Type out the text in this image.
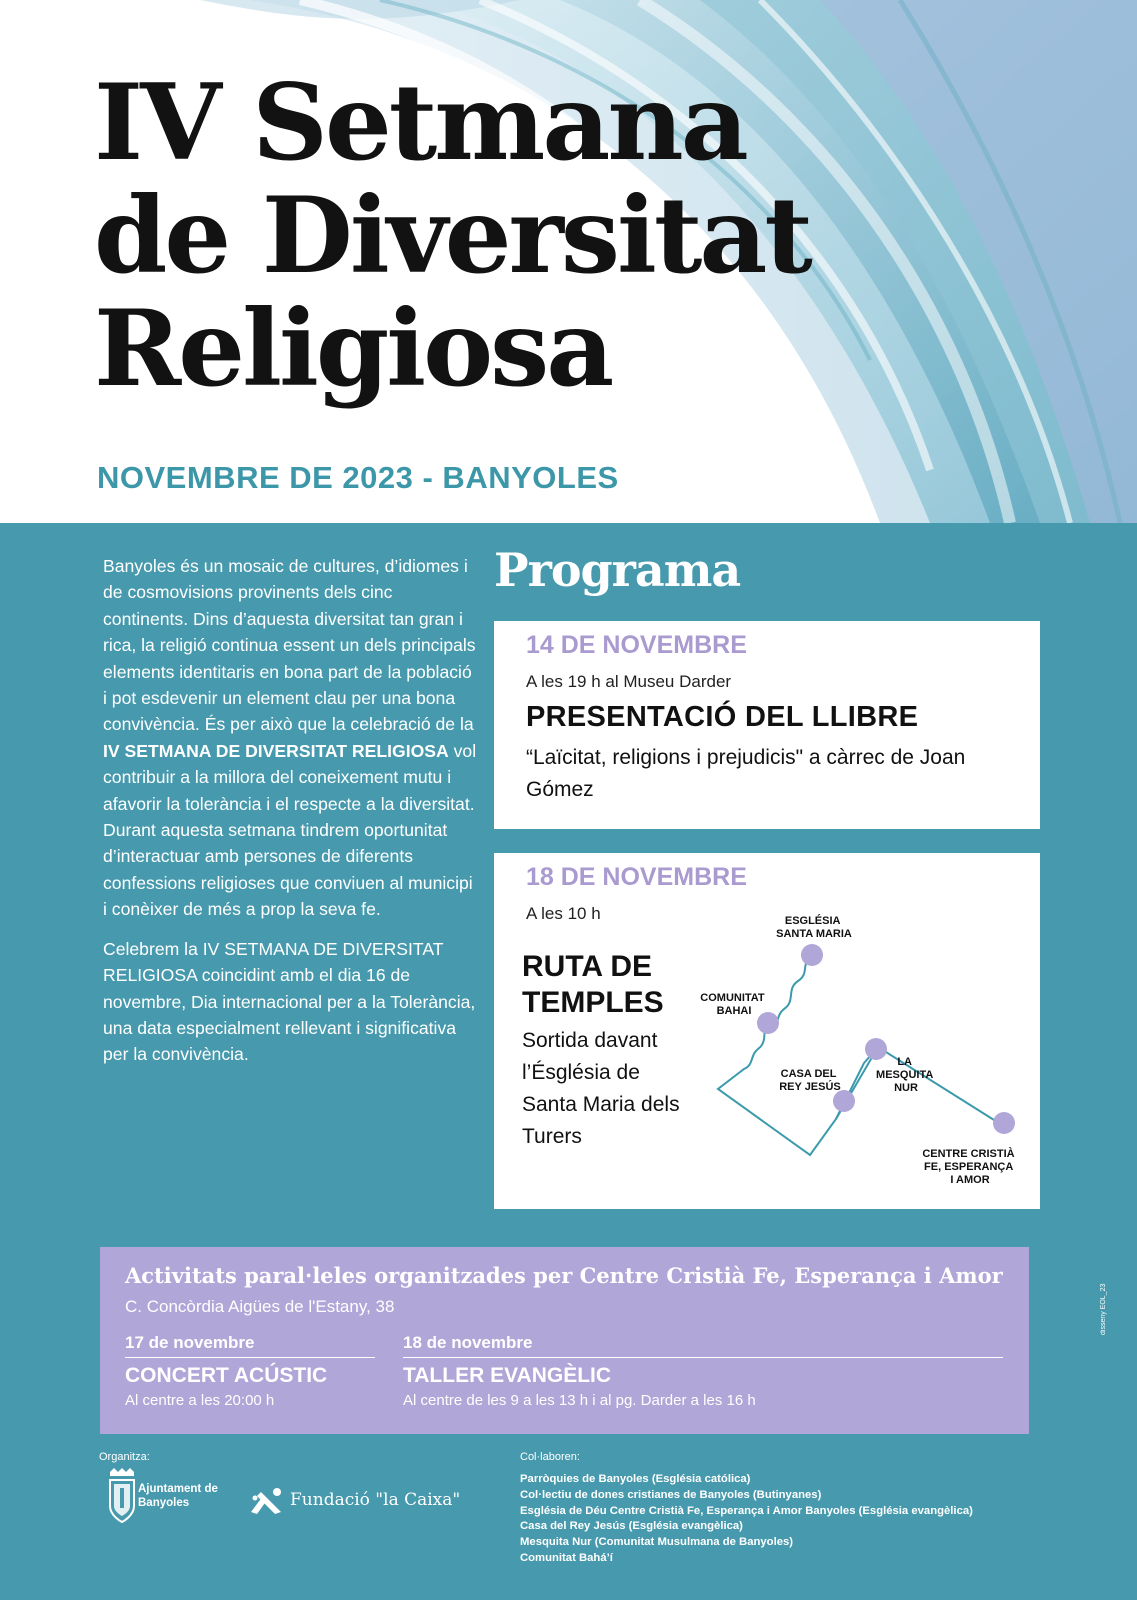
IV Setmana
de Diversitat
Religiosa

NOVEMBRE DE 2023 - BANYOLES

Banyoles és un mosaic de cultures, d’idiomes i de cosmovisions provinents dels cinc continents. Dins d’aquesta diversitat tan gran i rica, la religió continua essent un dels principals elements identitaris en bona part de la població i pot esdevenir un element clau per una bona convivència. És per això que la celebració de la IV SETMANA DE DIVERSITAT RELIGIOSA vol contribuir a la millora del coneixement mutu i afavorir la tolerància i el respecte a la diversitat. Durant aquesta setmana tindrem oportunitat d’interactuar amb persones de diferents confessions religioses que conviuen al municipi i conèixer de més a prop la seva fe.

Celebrem la IV SETMANA DE DIVERSITAT RELIGIOSA coincidint amb el dia 16 de novembre, Dia internacional per a la Tolerància, una data especialment rellevant i significativa per la convivència.

Programa

14 DE NOVEMBRE

A les 19 h al Museu Darder

PRESENTACIÓ DEL LLIBRE

“Laïcitat, religions i prejudicis" a càrrec de Joan Gómez

18 DE NOVEMBRE

A les 10 h

RUTA DE
TEMPLES

Sortida davant l’Ésglésia de Santa Maria dels Turers

ESGLÉSIA SANTA MARIA
COMUNITAT BAHAI
CASA DEL REY JESÚS
LA MESQUITA NUR
CENTRE CRISTIÀ FE, ESPERANÇA I AMOR

Activitats paral·leles organitzades per Centre Cristià Fe, Esperança i Amor

C. Concòrdia Aigües de l'Estany, 38

17 de novembre

CONCERT ACÚSTIC

Al centre a les 20:00 h

18 de novembre

TALLER EVANGÈLIC

Al centre de les 9 a les 13 h i al pg. Darder a les 16 h

Organitza:	Col·laboren:

Ajuntament de Banyoles	Fundació "la Caixa"

Parròquies de Banyoles (Església católica)
Col·lectiu de dones cristianes de Banyoles (Butinyanes)
Església de Déu Centre Cristià Fe, Esperança i Amor Banyoles (Església evangèlica)
Casa del Rey Jesús (Església evangèlica)
Mesquita Nur (Comunitat Musulmana de Banyoles)
Comunitat Bahá’í
disseny EOL_23
